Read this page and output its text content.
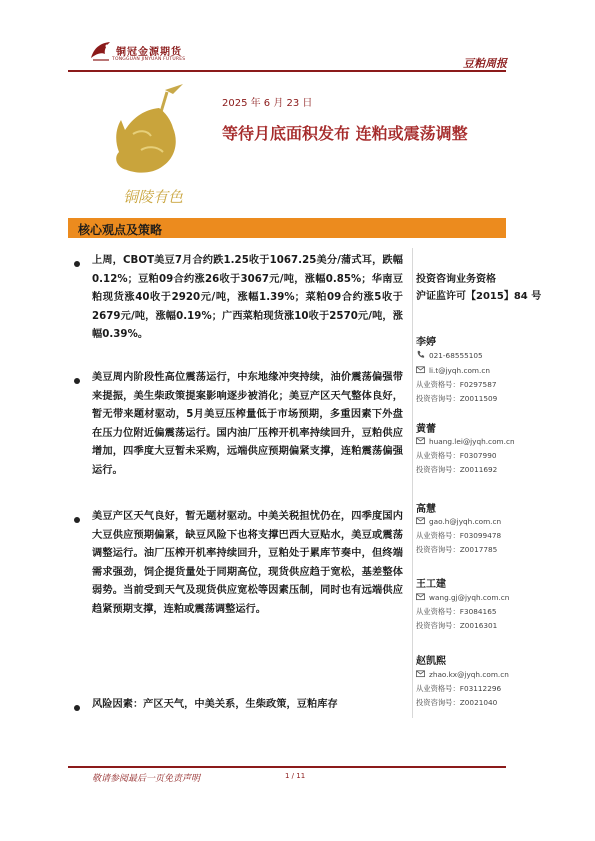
铜冠金源期货
TONGGUAN JINYUAN FUTURES	豆粕周报
铜陵有色
2025 年 6 月 23 日
等待月底面积发布 连粕或震荡调整
核心观点及策略
上周，CBOT美豆7月合约跌1.25收于1067.25美分/蒲式耳，跌幅0.12%；豆粕09合约涨26收于3067元/吨，涨幅0.85%；华南豆粕现货涨40收于2920元/吨，涨幅1.39%；菜粕09合约涨5收于2679元/吨，涨幅0.19%；广西菜粕现货涨10收于2570元/吨，涨幅0.39%。
美豆周内阶段性高位震荡运行，中东地缘冲突持续，油价震荡偏强带来提振，美生柴政策提案影响逐步被消化；美豆产区天气整体良好，暂无带来题材驱动，5月美豆压榨量低于市场预期，多重因素下外盘在压力位附近偏震荡运行。国内油厂压榨开机率持续回升，豆粕供应增加，四季度大豆暂未采购，远端供应预期偏紧支撑，连粕震荡偏强运行。
美豆产区天气良好，暂无题材驱动。中美关税担忧仍在，四季度国内大豆供应预期偏紧，缺豆风险下也将支撑巴西大豆贴水，美豆或震荡调整运行。油厂压榨开机率持续回升，豆粕处于累库节奏中，但终端需求强劲，饲企提货量处于同期高位，现货供应趋于宽松，基差整体弱势。当前受到天气及现货供应宽松等因素压制，同时也有远端供应趋紧预期支撑，连粕或震荡调整运行。
风险因素：产区天气，中美关系，生柴政策，豆粕库存
投资咨询业务资格
沪证监许可【2015】84 号
李婷
021-68555105
li.t@jyqh.com.cn
从业资格号：F0297587
投资咨询号：Z0011509
黄蕾
huang.lei@jyqh.com.cn
从业资格号：F0307990
投资咨询号：Z0011692
高慧
gao.h@jyqh.com.cn
从业资格号：F03099478
投资咨询号：Z0017785
王工建
wang.gj@jyqh.com.cn
从业资格号：F3084165
投资咨询号：Z0016301
赵凯熙
zhao.kx@jyqh.com.cn
从业资格号：F03112296
投资咨询号：Z0021040
敬请参阅最后一页免责声明	1 / 11
